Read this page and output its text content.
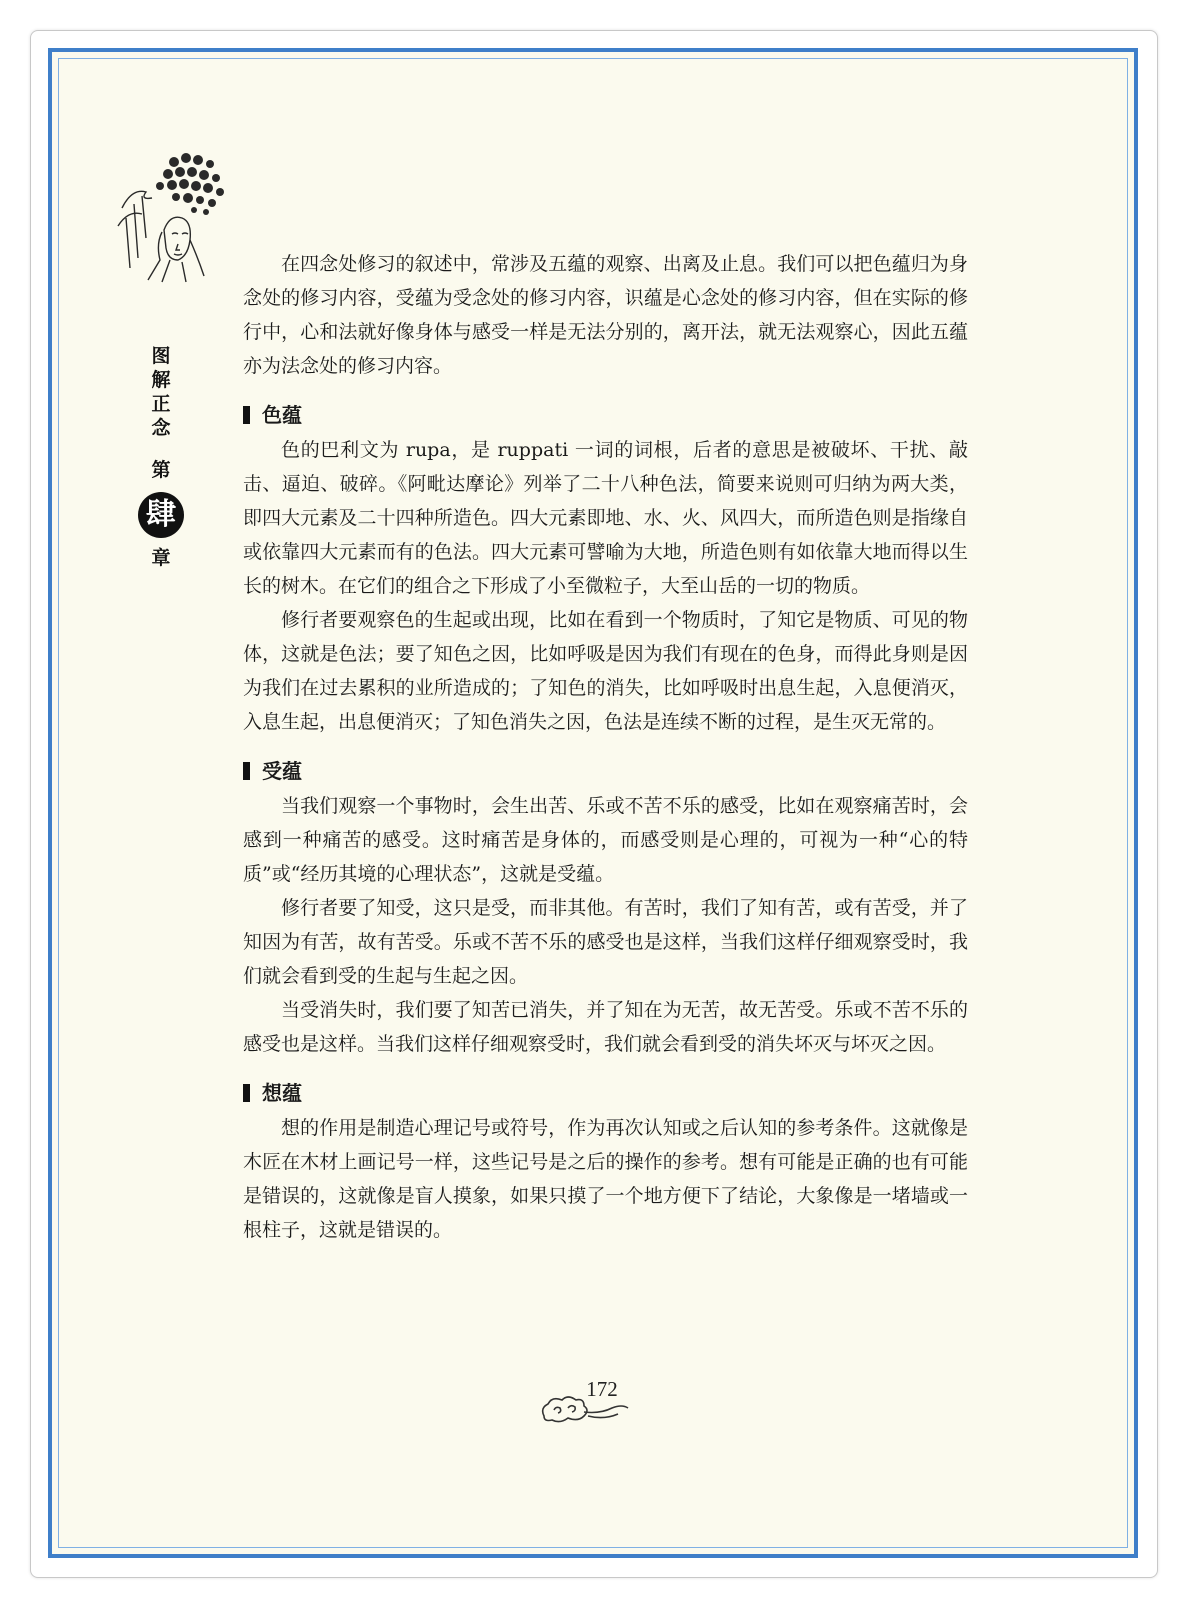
图
解
正
念
第
肆
章

在四念处修习的叙述中，常涉及五蕴的观察、出离及止息。我们可以把色蕴归为身念处的修习内容，受蕴为受念处的修习内容，识蕴是心念处的修习内容，但在实际的修行中，心和法就好像身体与感受一样是无法分别的，离开法，就无法观察心，因此五蕴亦为法念处的修习内容。

色蕴

色的巴利文为 rupa，是 ruppati 一词的词根，后者的意思是被破坏、干扰、敲击、逼迫、破碎。《阿毗达摩论》列举了二十八种色法，简要来说则可归纳为两大类，即四大元素及二十四种所造色。四大元素即地、水、火、风四大，而所造色则是指缘自或依靠四大元素而有的色法。四大元素可譬喻为大地，所造色则有如依靠大地而得以生长的树木。在它们的组合之下形成了小至微粒子，大至山岳的一切的物质。

修行者要观察色的生起或出现，比如在看到一个物质时，了知它是物质、可见的物体，这就是色法；要了知色之因，比如呼吸是因为我们有现在的色身，而得此身则是因为我们在过去累积的业所造成的；了知色的消失，比如呼吸时出息生起，入息便消灭，入息生起，出息便消灭；了知色消失之因，色法是连续不断的过程，是生灭无常的。

受蕴

当我们观察一个事物时，会生出苦、乐或不苦不乐的感受，比如在观察痛苦时，会感到一种痛苦的感受。这时痛苦是身体的，而感受则是心理的，可视为一种“心的特质”或“经历其境的心理状态”，这就是受蕴。

修行者要了知受，这只是受，而非其他。有苦时，我们了知有苦，或有苦受，并了知因为有苦，故有苦受。乐或不苦不乐的感受也是这样，当我们这样仔细观察受时，我们就会看到受的生起与生起之因。

当受消失时，我们要了知苦已消失，并了知在为无苦，故无苦受。乐或不苦不乐的感受也是这样。当我们这样仔细观察受时，我们就会看到受的消失坏灭与坏灭之因。

想蕴

想的作用是制造心理记号或符号，作为再次认知或之后认知的参考条件。这就像是木匠在木材上画记号一样，这些记号是之后的操作的参考。想有可能是正确的也有可能是错误的，这就像是盲人摸象，如果只摸了一个地方便下了结论，大象像是一堵墙或一根柱子，这就是错误的。

172
